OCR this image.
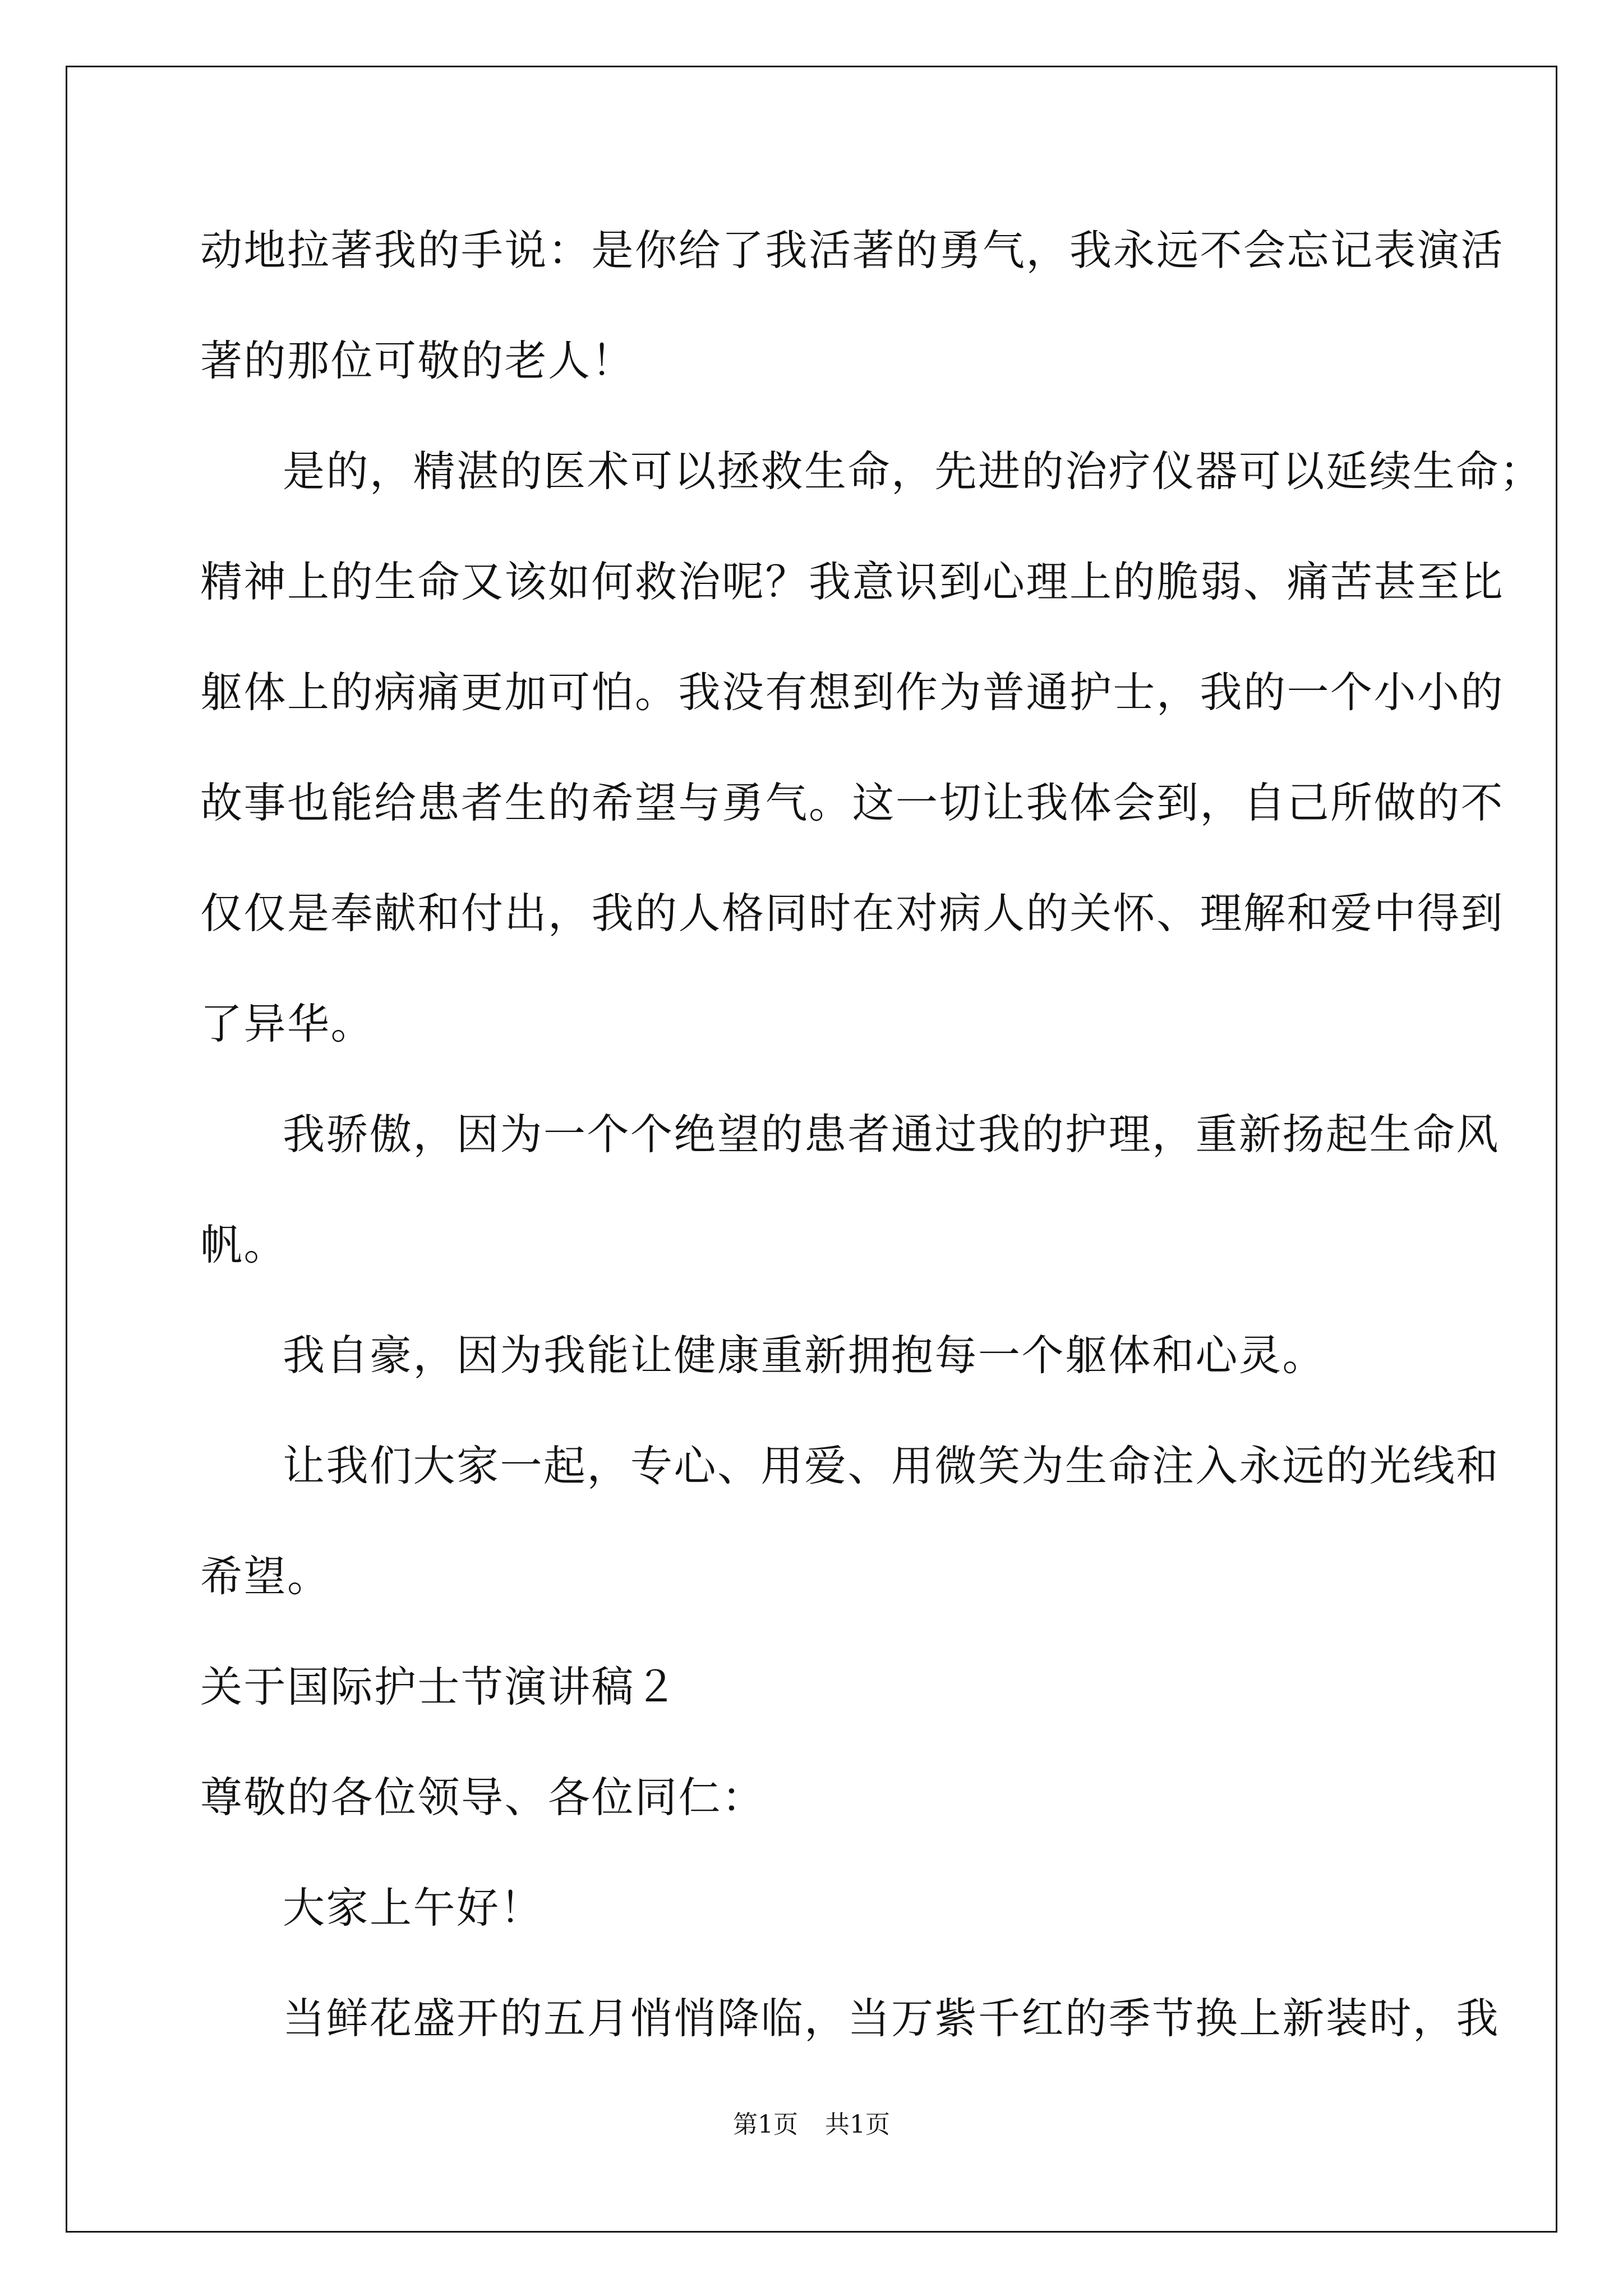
动地拉著我的手说：是你给了我活著的勇气，我永远不会忘记表演活
著的那位可敬的老人！
是的，精湛的医术可以拯救生命，先进的治疗仪器可以延续生命；
精神上的生命又该如何救治呢？我意识到心理上的脆弱、痛苦甚至比
躯体上的病痛更加可怕。我没有想到作为普通护士，我的一个小小的
故事也能给患者生的希望与勇气。这一切让我体会到，自己所做的不
仅仅是奉献和付出，我的人格同时在对病人的关怀、理解和爱中得到
了异华。
我骄傲，因为一个个绝望的患者通过我的护理，重新扬起生命风
帆。
我自豪，因为我能让健康重新拥抱每一个躯体和心灵。
让我们大家一起，专心、用爱、用微笑为生命注入永远的光线和
希望。
关于国际护士节演讲稿２
尊敬的各位领导、各位同仁：
大家上午好！
当鲜花盛开的五月悄悄降临，当万紫千红的季节换上新装时，我
第1页 共1页
